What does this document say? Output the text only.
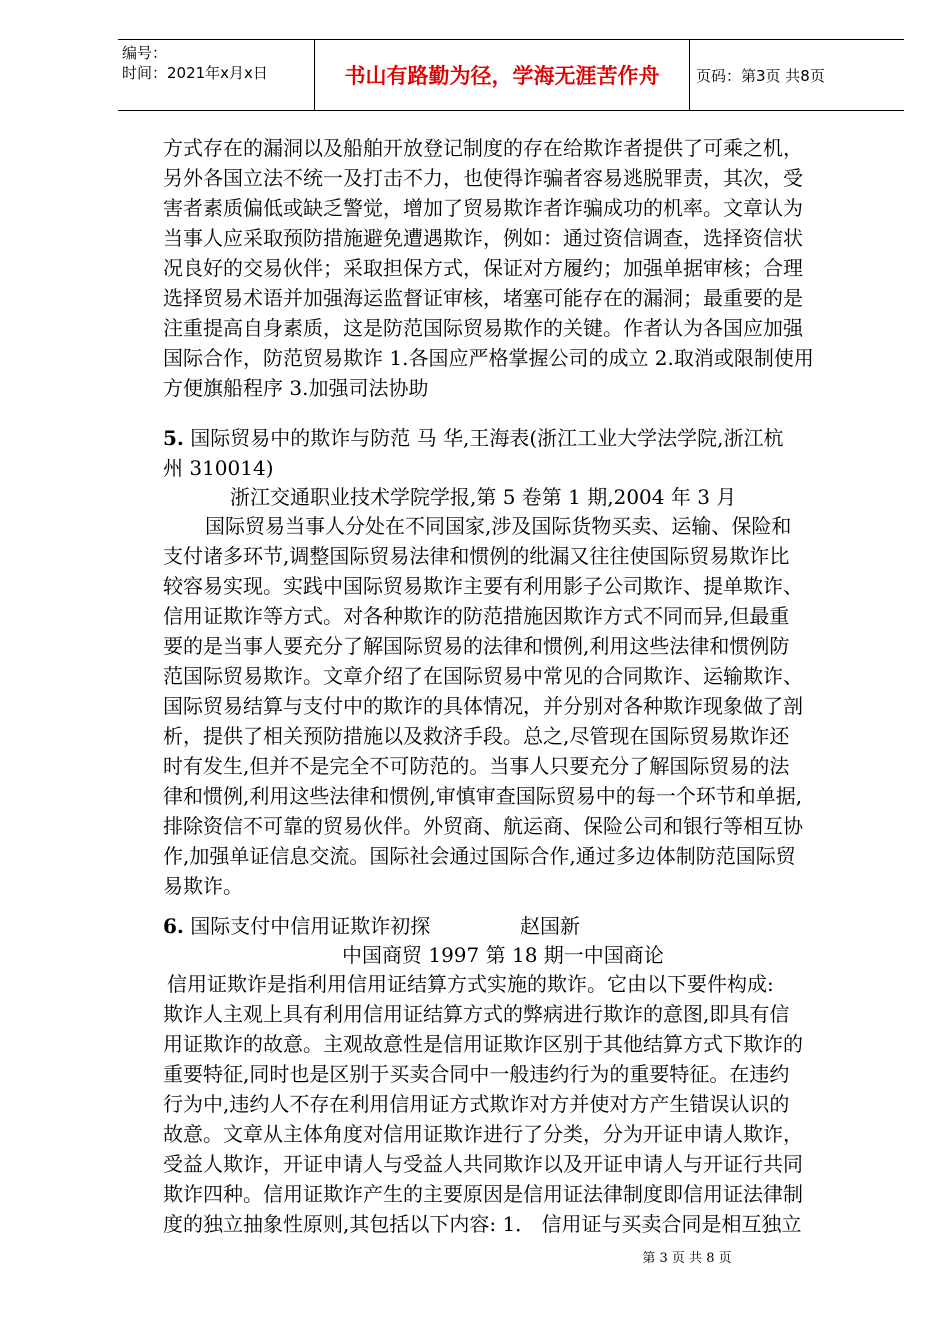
编号：
时间：2021年x月x日	书山有路勤为径，学海无涯苦作舟	页码：第3页 共8页
方式存在的漏洞以及船舶开放登记制度的存在给欺诈者提供了可乘之机，
另外各国立法不统一及打击不力，也使得诈骗者容易逃脱罪责，其次，受
害者素质偏低或缺乏警觉，增加了贸易欺诈者诈骗成功的机率。文章认为
当事人应采取预防措施避免遭遇欺诈，例如：通过资信调查，选择资信状
况良好的交易伙伴；采取担保方式，保证对方履约；加强单据审核；合理
选择贸易术语并加强海运监督证审核，堵塞可能存在的漏洞；最重要的是
注重提高自身素质，这是防范国际贸易欺作的关键。作者认为各国应加强
国际合作，防范贸易欺诈 1.各国应严格掌握公司的成立 2.取消或限制使用
方便旗船程序 3.加强司法协助
5. 国际贸易中的欺诈与防范 马 华,王海表(浙江工业大学法学院,浙江杭
州 310014)
浙江交通职业技术学院学报,第 5 卷第 1 期,2004 年 3 月
国际贸易当事人分处在不同国家,涉及国际货物买卖、运输、保险和
支付诸多环节,调整国际贸易法律和惯例的纰漏又往往使国际贸易欺诈比
较容易实现。实践中国际贸易欺诈主要有利用影子公司欺诈、提单欺诈、
信用证欺诈等方式。对各种欺诈的防范措施因欺诈方式不同而异,但最重
要的是当事人要充分了解国际贸易的法律和惯例,利用这些法律和惯例防
范国际贸易欺诈。文章介绍了在国际贸易中常见的合同欺诈、运输欺诈、
国际贸易结算与支付中的欺诈的具体情况，并分别对各种欺诈现象做了剖
析，提供了相关预防措施以及救济手段。总之,尽管现在国际贸易欺诈还
时有发生,但并不是完全不可防范的。当事人只要充分了解国际贸易的法
律和惯例,利用这些法律和惯例,审慎审查国际贸易中的每一个环节和单据,
排除资信不可靠的贸易伙伴。外贸商、航运商、保险公司和银行等相互协
作,加强单证信息交流。国际社会通过国际合作,通过多边体制防范国际贸
易欺诈。
6. 国际支付中信用证欺诈初探	赵国新
中国商贸 1997 第 18 期一中国商论
信用证欺诈是指利用信用证结算方式实施的欺诈。它由以下要件构成:
欺诈人主观上具有利用信用证结算方式的弊病进行欺诈的意图,即具有信
用证欺诈的故意。主观故意性是信用证欺诈区别于其他结算方式下欺诈的
重要特征,同时也是区别于买卖合同中一般违约行为的重要特征。在违约
行为中,违约人不存在利用信用证方式欺诈对方并使对方产生错误认识的
故意。文章从主体角度对信用证欺诈进行了分类，分为开证申请人欺诈，
受益人欺诈，开证申请人与受益人共同欺诈以及开证申请人与开证行共同
欺诈四种。信用证欺诈产生的主要原因是信用证法律制度即信用证法律制
度的独立抽象性原则,其包括以下内容: 1． 信用证与买卖合同是相互独立
第 3 页 共 8 页
